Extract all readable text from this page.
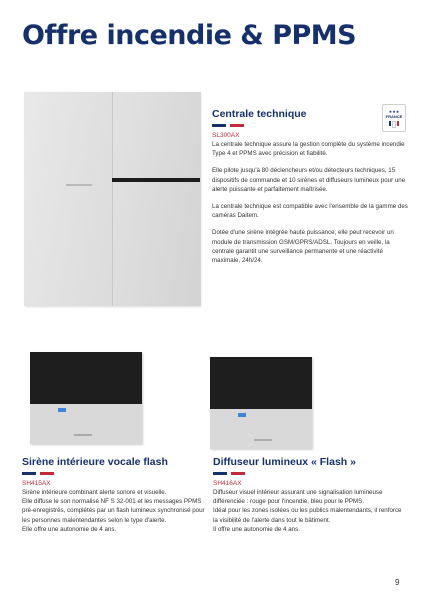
Offre incendie & PPMS
★★★
FRANCE
Centrale technique

SL300AX

La centrale technique assure la gestion complète du système incendie Type 4 et PPMS avec précision et fiabilité.

Elle pilote jusqu'à 80 déclencheurs et/ou détecteurs techniques, 15 dispositifs de commande et 10 sirènes et diffuseurs lumineux pour une alerte puissante et parfaitement maîtrisée.

La centrale technique est compatible avec l'ensemble de la gamme des caméras Daitem.

Dotée d'une sirène intégrée haute puissance, elle peut recevoir un module de transmission GSM/GPRS/ADSL. Toujours en veille, la centrale garantit une surveillance permanente et une réactivité maximale, 24h/24.

Sirène intérieure vocale flash

SH415AX

Sirène intérieure combinant alerte sonore et visuelle.

Elle diffuse le son normalisé NF S 32-001 et les messages PPMS pré-enregistrés, complétés par un flash lumineux synchronisé pour les personnes malentendantes selon le type d'alerte.

Elle offre une autonomie de 4 ans.

Diffuseur lumineux « Flash »

SH416AX

Diffuseur visuel intérieur assurant une signalisation lumineuse différenciée : rouge pour l'incendie, bleu pour le PPMS.

Idéal pour les zones isolées ou les publics malentendants, il renforce la visibilité de l'alerte dans tout le bâtiment.

Il offre une autonomie de 4 ans.

9
